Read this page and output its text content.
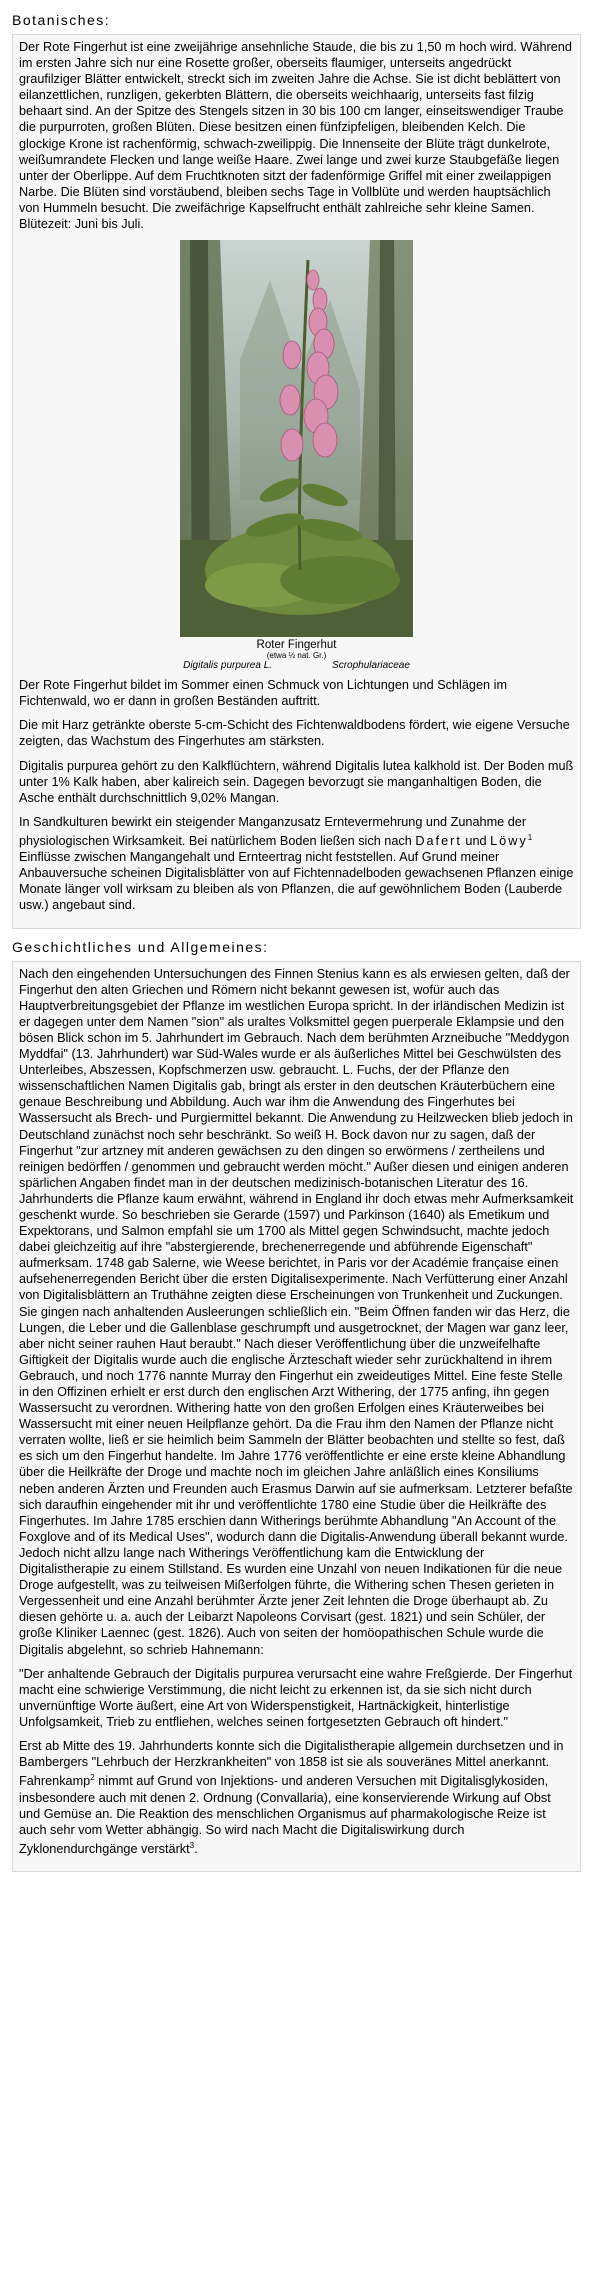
Botanisches:

Der Rote Fingerhut ist eine zweijährige ansehnliche Staude, die bis zu 1,50 m hoch wird. Während im ersten Jahre sich nur eine Rosette großer, oberseits flaumiger, unterseits angedrückt graufilziger Blätter entwickelt, streckt sich im zweiten Jahre die Achse. Sie ist dicht beblättert von eilanzettlichen, runzligen, gekerbten Blättern, die oberseits weichhaarig, unterseits fast filzig behaart sind. An der Spitze des Stengels sitzen in 30 bis 100 cm langer, einseitswendiger Traube die purpurroten, großen Blüten. Diese besitzen einen fünfzipfeligen, bleibenden Kelch. Die glockige Krone ist rachenförmig, schwach-zweilippig. Die Innenseite der Blüte trägt dunkelrote, weißumrandete Flecken und lange weiße Haare. Zwei lange und zwei kurze Staubgefäße liegen unter der Oberlippe. Auf dem Fruchtknoten sitzt der fadenförmige Griffel mit einer zweilappigen Narbe. Die Blüten sind vorstäubend, bleiben sechs Tage in Vollblüte und werden hauptsächlich von Hummeln besucht. Die zweifächrige Kapselfrucht enthält zahlreiche sehr kleine Samen. Blütezeit: Juni bis Juli.

Roter Fingerhut
(etwa ½ nat. Gr.)
Digitalis purpurea L.	Scrophulariaceae

Der Rote Fingerhut bildet im Sommer einen Schmuck von Lichtungen und Schlägen im Fichtenwald, wo er dann in großen Beständen auftritt.

Die mit Harz getränkte oberste 5-cm-Schicht des Fichtenwaldbodens fördert, wie eigene Versuche zeigten, das Wachstum des Fingerhutes am stärksten.

Digitalis purpurea gehört zu den Kalkflüchtern, während Digitalis lutea kalkhold ist. Der Boden muß unter 1% Kalk haben, aber kalireich sein. Dagegen bevorzugt sie manganhaltigen Boden, die Asche enthält durchschnittlich 9,02% Mangan.

In Sandkulturen bewirkt ein steigender Manganzusatz Erntevermehrung und Zunahme der physiologischen Wirksamkeit. Bei natürlichem Boden ließen sich nach Dafert und Löwy$^1$ Einflüsse zwischen Mangangehalt und Ernteertrag nicht feststellen. Auf Grund meiner Anbauversuche scheinen Digitalisblätter von auf Fichtennadelboden gewachsenen Pflanzen einige Monate länger voll wirksam zu bleiben als von Pflanzen, die auf gewöhnlichem Boden (Lauberde usw.) angebaut sind.

Geschichtliches und Allgemeines:

Nach den eingehenden Untersuchungen des Finnen Stenius kann es als erwiesen gelten, daß der Fingerhut den alten Griechen und Römern nicht bekannt gewesen ist, wofür auch das Hauptverbreitungsgebiet der Pflanze im westlichen Europa spricht. In der irländischen Medizin ist er dagegen unter dem Namen "sion" als uraltes Volksmittel gegen puerperale Eklampsie und den bösen Blick schon im 5. Jahrhundert im Gebrauch. Nach dem berühmten Arzneibuche "Meddygon Myddfai" (13. Jahrhundert) war Süd-Wales wurde er als äußerliches Mittel bei Geschwülsten des Unterleibes, Abszessen, Kopfschmerzen usw. gebraucht. L. Fuchs, der der Pflanze den wissenschaftlichen Namen Digitalis gab, bringt als erster in den deutschen Kräuterbüchern eine genaue Beschreibung und Abbildung. Auch war ihm die Anwendung des Fingerhutes bei Wassersucht als Brech- und Purgiermittel bekannt. Die Anwendung zu Heilzwecken blieb jedoch in Deutschland zunächst noch sehr beschränkt. So weiß H. Bock davon nur zu sagen, daß der Fingerhut "zur artzney mit anderen gewächsen zu den dingen so erwörmens / zertheilens und reinigen bedörffen / genommen und gebraucht werden möcht." Außer diesen und einigen anderen spärlichen Angaben findet man in der deutschen medizinisch-botanischen Literatur des 16. Jahrhunderts die Pflanze kaum erwähnt, während in England ihr doch etwas mehr Aufmerksamkeit geschenkt wurde. So beschrieben sie Gerarde (1597) und Parkinson (1640) als Emetikum und Expektorans, und Salmon empfahl sie um 1700 als Mittel gegen Schwindsucht, machte jedoch dabei gleichzeitig auf ihre "abstergierende, brechenerregende und abführende Eigenschaft" aufmerksam. 1748 gab Salerne, wie Weese berichtet, in Paris vor der Académie française einen aufsehenerregenden Bericht über die ersten Digitalisexperimente. Nach Verfütterung einer Anzahl von Digitalisblättern an Truthähne zeigten diese Erscheinungen von Trunkenheit und Zuckungen. Sie gingen nach anhaltenden Ausleerungen schließlich ein. "Beim Öffnen fanden wir das Herz, die Lungen, die Leber und die Gallenblase geschrumpft und ausgetrocknet, der Magen war ganz leer, aber nicht seiner rauhen Haut beraubt." Nach dieser Veröffentlichung über die unzweifelhafte Giftigkeit der Digitalis wurde auch die englische Ärzteschaft wieder sehr zurückhaltend in ihrem Gebrauch, und noch 1776 nannte Murray den Fingerhut ein zweideutiges Mittel. Eine feste Stelle in den Offizinen erhielt er erst durch den englischen Arzt Withering, der 1775 anfing, ihn gegen Wassersucht zu verordnen. Withering hatte von den großen Erfolgen eines Kräuterweibes bei Wassersucht mit einer neuen Heilpflanze gehört. Da die Frau ihm den Namen der Pflanze nicht verraten wollte, ließ er sie heimlich beim Sammeln der Blätter beobachten und stellte so fest, daß es sich um den Fingerhut handelte. Im Jahre 1776 veröffentlichte er eine erste kleine Abhandlung über die Heilkräfte der Droge und machte noch im gleichen Jahre anläßlich eines Konsiliums neben anderen Ärzten und Freunden auch Erasmus Darwin auf sie aufmerksam. Letzterer befaßte sich daraufhin eingehender mit ihr und veröffentlichte 1780 eine Studie über die Heilkräfte des Fingerhutes. Im Jahre 1785 erschien dann Witherings berühmte Abhandlung "An Account of the Foxglove and of its Medical Uses", wodurch dann die Digitalis-Anwendung überall bekannt wurde. Jedoch nicht allzu lange nach Witherings Veröffentlichung kam die Entwicklung der Digitalistherapie zu einem Stillstand. Es wurden eine Unzahl von neuen Indikationen für die neue Droge aufgestellt, was zu teilweisen Mißerfolgen führte, die Withering schen Thesen gerieten in Vergessenheit und eine Anzahl berühmter Ärzte jener Zeit lehnten die Droge überhaupt ab. Zu diesen gehörte u. a. auch der Leibarzt Napoleons Corvisart (gest. 1821) und sein Schüler, der große Kliniker Laennec (gest. 1826). Auch von seiten der homöopathischen Schule wurde die Digitalis abgelehnt, so schrieb Hahnemann:

"Der anhaltende Gebrauch der Digitalis purpurea verursacht eine wahre Freßgierde. Der Fingerhut macht eine schwierige Verstimmung, die nicht leicht zu erkennen ist, da sie sich nicht durch unvernünftige Worte äußert, eine Art von Widerspenstigkeit, Hartnäckigkeit, hinterlistige Unfolgsamkeit, Trieb zu entfliehen, welches seinen fortgesetzten Gebrauch oft hindert."

Erst ab Mitte des 19. Jahrhunderts konnte sich die Digitalistherapie allgemein durchsetzen und in Bambergers "Lehrbuch der Herzkrankheiten" von 1858 ist sie als souveränes Mittel anerkannt. Fahrenkamp$^2$ nimmt auf Grund von Injektions- und anderen Versuchen mit Digitalisglykosiden, insbesondere auch mit denen 2. Ordnung (Convallaria), eine konservierende Wirkung auf Obst und Gemüse an. Die Reaktion des menschlichen Organismus auf pharmakologische Reize ist auch sehr vom Wetter abhängig. So wird nach Macht die Digitaliswirkung durch Zyklonendurchgänge verstärkt$^3$.
